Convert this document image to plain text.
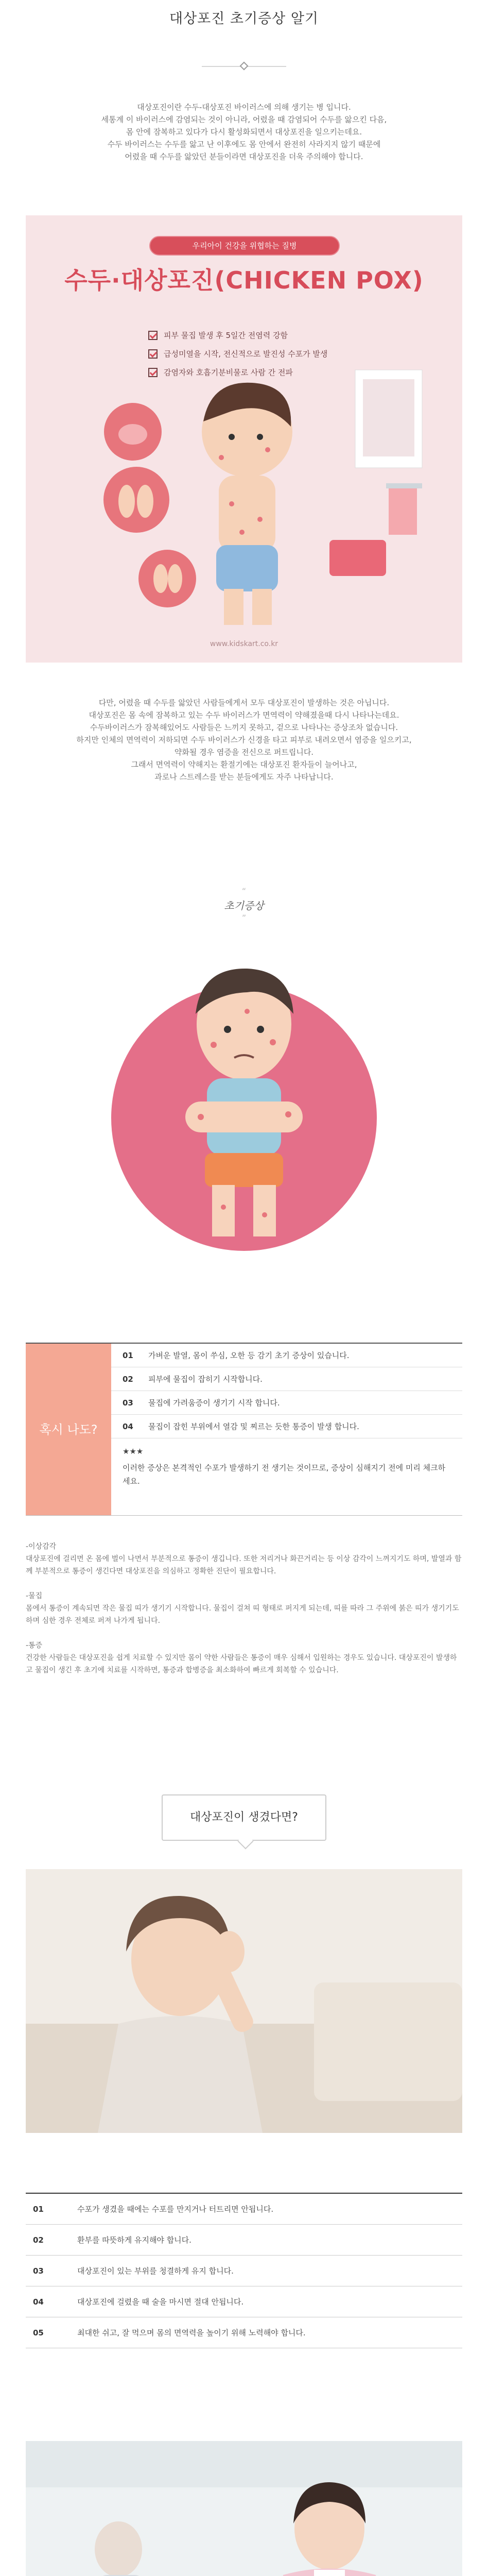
대상포진 초기증상 알기

대상포진이란 수두-대상포진 바이러스에 의해 생기는 병 입니다.

세통계 이 바이러스에 감염되는 것이 아니라, 어렸을 때 감염되어 수두를 앓으킨 다음,

몸 안에 잠복하고 있다가 다시 활성화되면서 대상포진을 일으키는데요.

수두 바이러스는 수두를 앓고 난 이후에도 몸 안에서 완전히 사라지지 않기 때문에

어렸을 때 수두를 앓았던 분들이라면 대상포진을 더욱 주의해야 합니다.

우리아이 건강을 위협하는 질병
수두·대상포진(CHICKEN POX)
피부 물집 발생 후 5일간 전염력 강함
급성미열을 시작, 전신적으로 발진성 수포가 발생
감염자와 호흡기분비물로 사람 간 전파
www.kidskart.co.kr

다만, 어렸을 때 수두를 앓았던 사람들에게서 모두 대상포진이 발생하는 것은 아닙니다.

대상포진은 몸 속에 잠복하고 있는 수두 바이러스가 면역력이 약해졌을때 다시 나타나는데요.

수두바이러스가 잠복해있어도 사람들은 느끼지 못하고, 겉으로 나타나는 증상조차 없습니다.

하지만 인체의 면역력이 저하되면 수두 바이러스가 신경을 타고 피부로 내려오면서 염증을 일으키고,

약화될 경우 염증을 전신으로 퍼트립니다.

그래서 면역력이 약해지는 환절기에는 대상포진 환자들이 늘어나고,

과로나 스트레스를 받는 분들에게도 자주 나타납니다.

“
초기증상
”
혹시 나도?
01	가벼운 발열, 몸이 쑤심, 오한 등 감기 초기 증상이 있습니다.
02	피부에 물집이 잡히기 시작합니다.
03	물집에 가려움증이 생기기 시작 합니다.
04	물집이 잡힌 부위에서 열감 및 찌르는 듯한 통증이 발생 합니다.
★★★
이러한 증상은 본격적인 수포가 발생하기 전 생기는 것이므로, 증상이 심해지기 전에 미리 체크하세요.

-이상감각
대상포진에 걸리면 온 몸에 벌이 나면서 부분적으로 통증이 생깁니다. 또한 저리거나 화끈거리는 등 이상 감각이 느껴지기도 하며, 발열과 함께 부분적으로 통증이 생긴다면 대상포진을 의심하고 정확한 진단이 필요합니다.

-물집
몸에서 통증이 계속되면 작은 물집 띠가 생기기 시작합니다. 물집이 걸쳐 띠 형태로 퍼지게 되는데, 띠를 따라 그 주위에 붉은 띠가 생기기도 하며 심한 경우 전체로 퍼져 나가게 됩니다.

-통증
건강한 사람들은 대상포진을 쉽게 치료할 수 있지만 몸이 약한 사람들은 통증이 매우 심해서 입원하는 경우도 있습니다. 대상포진이 발생하고 물집이 생긴 후 초기에 치료를 시작하면, 통증과 합병증을 최소화하여 빠르게 회복할 수 있습니다.

대상포진이 생겼다면?
01	수포가 생겼을 때에는 수포를 만지거나 터트리면 안됩니다.
02	환부를 따뜻하게 유지해야 합니다.
03	대상포진이 있는 부위를 청결하게 유지 합니다.
04	대상포진에 걸렸을 때 술을 마시면 절대 안됩니다.
05	최대한 쉬고, 잘 먹으며 몸의 면역력을 높이기 위해 노력해야 합니다.
